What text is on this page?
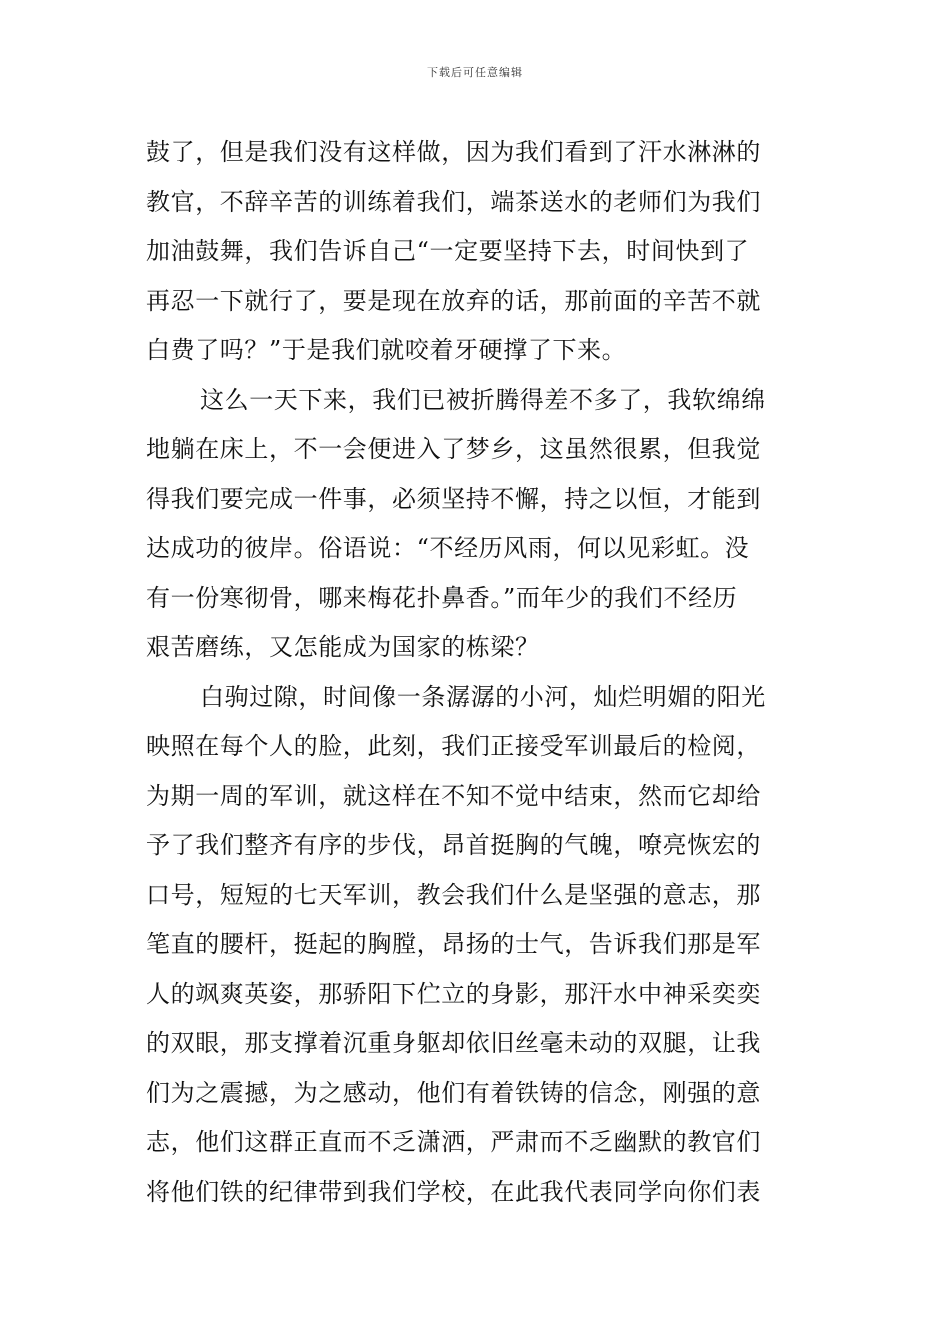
下载后可任意编辑
鼓了，但是我们没有这样做，因为我们看到了汗水淋淋的
教官，不辞辛苦的训练着我们，端茶送水的老师们为我们
加油鼓舞，我们告诉自己“一定要坚持下去，时间快到了
再忍一下就行了，要是现在放弃的话，那前面的辛苦不就
白费了吗？”于是我们就咬着牙硬撑了下来。
这么一天下来，我们已被折腾得差不多了，我软绵绵
地躺在床上，不一会便进入了梦乡，这虽然很累，但我觉
得我们要完成一件事，必须坚持不懈，持之以恒，才能到
达成功的彼岸。俗语说：“不经历风雨，何以见彩虹。没
有一份寒彻骨，哪来梅花扑鼻香。”而年少的我们不经历
艰苦磨练，又怎能成为国家的栋梁？
白驹过隙，时间像一条潺潺的小河，灿烂明媚的阳光
映照在每个人的脸，此刻，我们正接受军训最后的检阅，
为期一周的军训，就这样在不知不觉中结束，然而它却给
予了我们整齐有序的步伐，昂首挺胸的气魄，嘹亮恢宏的
口号，短短的七天军训，教会我们什么是坚强的意志，那
笔直的腰杆，挺起的胸膛，昂扬的士气，告诉我们那是军
人的飒爽英姿，那骄阳下伫立的身影，那汗水中神采奕奕
的双眼，那支撑着沉重身躯却依旧丝毫未动的双腿，让我
们为之震撼，为之感动，他们有着铁铸的信念，刚强的意
志，他们这群正直而不乏潇洒，严肃而不乏幽默的教官们
将他们铁的纪律带到我们学校，在此我代表同学向你们表
